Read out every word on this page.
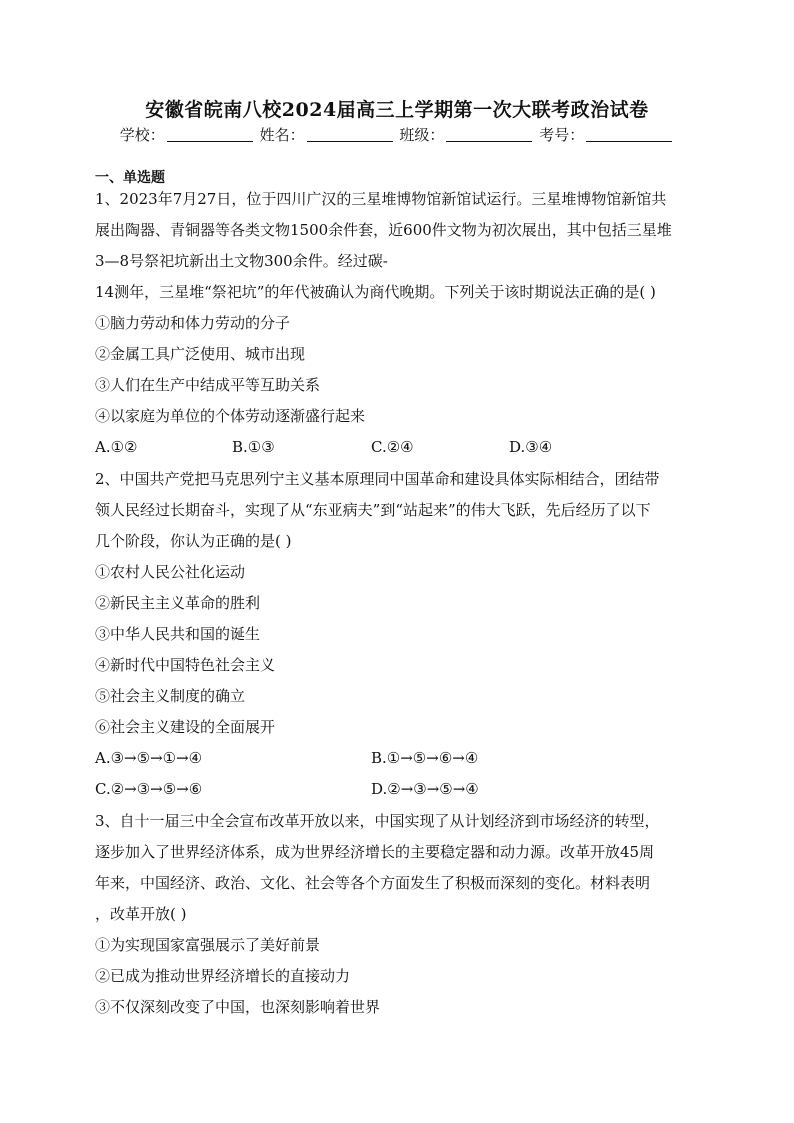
安徽省皖南八校2024届高三上学期第一次大联考政治试卷
学校：	姓名：	班级：	考号：
一、单选题

1、2023年7月27日，位于四川广汉的三星堆博物馆新馆试运行。三星堆博物馆新馆共

展出陶器、青铜器等各类文物1500余件套，近600件文物为初次展出，其中包括三星堆

3—8号祭祀坑新出土文物300余件。经过碳-

14测年，三星堆“祭祀坑”的年代被确认为商代晚期。下列关于该时期说法正确的是( )

①脑力劳动和体力劳动的分子

②金属工具广泛使用、城市出现

③人们在生产中结成平等互助关系

④以家庭为单位的个体劳动逐渐盛行起来

A.①②	B.①③	C.②④	D.③④

2、中国共产党把马克思列宁主义基本原理同中国革命和建设具体实际相结合，团结带

领人民经过长期奋斗，实现了从“东亚病夫”到“站起来”的伟大飞跃，先后经历了以下

几个阶段，你认为正确的是( )

①农村人民公社化运动

②新民主主义革命的胜利

③中华人民共和国的诞生

④新时代中国特色社会主义

⑤社会主义制度的确立

⑥社会主义建设的全面展开

A.③→⑤→①→④	B.①→⑤→⑥→④
C.②→③→⑤→⑥	D.②→③→⑤→④

3、自十一届三中全会宣布改革开放以来，中国实现了从计划经济到市场经济的转型，

逐步加入了世界经济体系，成为世界经济增长的主要稳定器和动力源。改革开放45周

年来，中国经济、政治、文化、社会等各个方面发生了积极而深刻的变化。材料表明

，改革开放( )

①为实现国家富强展示了美好前景

②已成为推动世界经济增长的直接动力

③不仅深刻改变了中国，也深刻影响着世界
